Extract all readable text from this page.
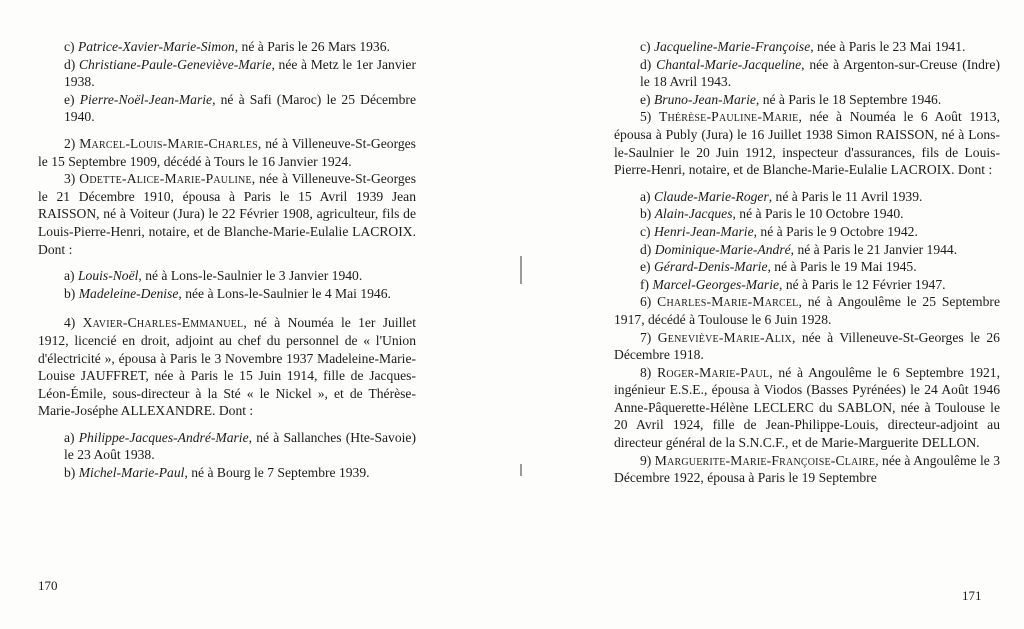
c) Patrice-Xavier-Marie-Simon, né à Paris le 26 Mars 1936.

d) Christiane-Paule-Geneviève-Marie, née à Metz le 1er Janvier 1938.

e) Pierre-Noël-Jean-Marie, né à Safi (Maroc) le 25 Décembre 1940.

2) Marcel-Louis-Marie-Charles, né à Villeneuve-St-Georges le 15 Septembre 1909, décédé à Tours le 16 Janvier 1924.

3) Odette-Alice-Marie-Pauline, née à Villeneuve-St-Georges le 21 Décembre 1910, épousa à Paris le 15 Avril 1939 Jean RAISSON, né à Voiteur (Jura) le 22 Février 1908, agriculteur, fils de Louis-Pierre-Henri, notaire, et de Blanche-Marie-Eulalie LACROIX. Dont :

a) Louis-Noël, né à Lons-le-Saulnier le 3 Janvier 1940.

b) Madeleine-Denise, née à Lons-le-Saulnier le 4 Mai 1946.

4) Xavier-Charles-Emmanuel, né à Nouméa le 1er Juillet 1912, licencié en droit, adjoint au chef du personnel de « l'Union d'électricité », épousa à Paris le 3 Novembre 1937 Madeleine-Marie-Louise JAUFFRET, née à Paris le 15 Juin 1914, fille de Jacques-Léon-Émile, sous-directeur à la Sté « le Nickel », et de Thérèse-Marie-Joséphe ALLEXANDRE. Dont :

a) Philippe-Jacques-André-Marie, né à Sallanches (Hte-Savoie) le 23 Août 1938.

b) Michel-Marie-Paul, né à Bourg le 7 Septembre 1939.

170

c) Jacqueline-Marie-Françoise, née à Paris le 23 Mai 1941.

d) Chantal-Marie-Jacqueline, née à Argenton-sur-Creuse (Indre) le 18 Avril 1943.

e) Bruno-Jean-Marie, né à Paris le 18 Septembre 1946.

5) Thérèse-Pauline-Marie, née à Nouméa le 6 Août 1913, épousa à Publy (Jura) le 16 Juillet 1938 Simon RAISSON, né à Lons-le-Saulnier le 20 Juin 1912, inspecteur d'assurances, fils de Louis-Pierre-Henri, notaire, et de Blanche-Marie-Eulalie LACROIX. Dont :

a) Claude-Marie-Roger, né à Paris le 11 Avril 1939.

b) Alain-Jacques, né à Paris le 10 Octobre 1940.

c) Henri-Jean-Marie, né à Paris le 9 Octobre 1942.

d) Dominique-Marie-André, né à Paris le 21 Janvier 1944.

e) Gérard-Denis-Marie, né à Paris le 19 Mai 1945.

f) Marcel-Georges-Marie, né à Paris le 12 Février 1947.

6) Charles-Marie-Marcel, né à Angoulême le 25 Septembre 1917, décédé à Toulouse le 6 Juin 1928.

7) Geneviève-Marie-Alix, née à Villeneuve-St-Georges le 26 Décembre 1918.

8) Roger-Marie-Paul, né à Angoulême le 6 Septembre 1921, ingénieur E.S.E., épousa à Viodos (Basses Pyrénées) le 24 Août 1946 Anne-Pâquerette-Hélène LECLERC du SABLON, née à Toulouse le 20 Avril 1924, fille de Jean-Philippe-Louis, directeur-adjoint au directeur général de la S.N.C.F., et de Marie-Marguerite DELLON.

9) Marguerite-Marie-Françoise-Claire, née à Angoulême le 3 Décembre 1922, épousa à Paris le 19 Septembre

171
